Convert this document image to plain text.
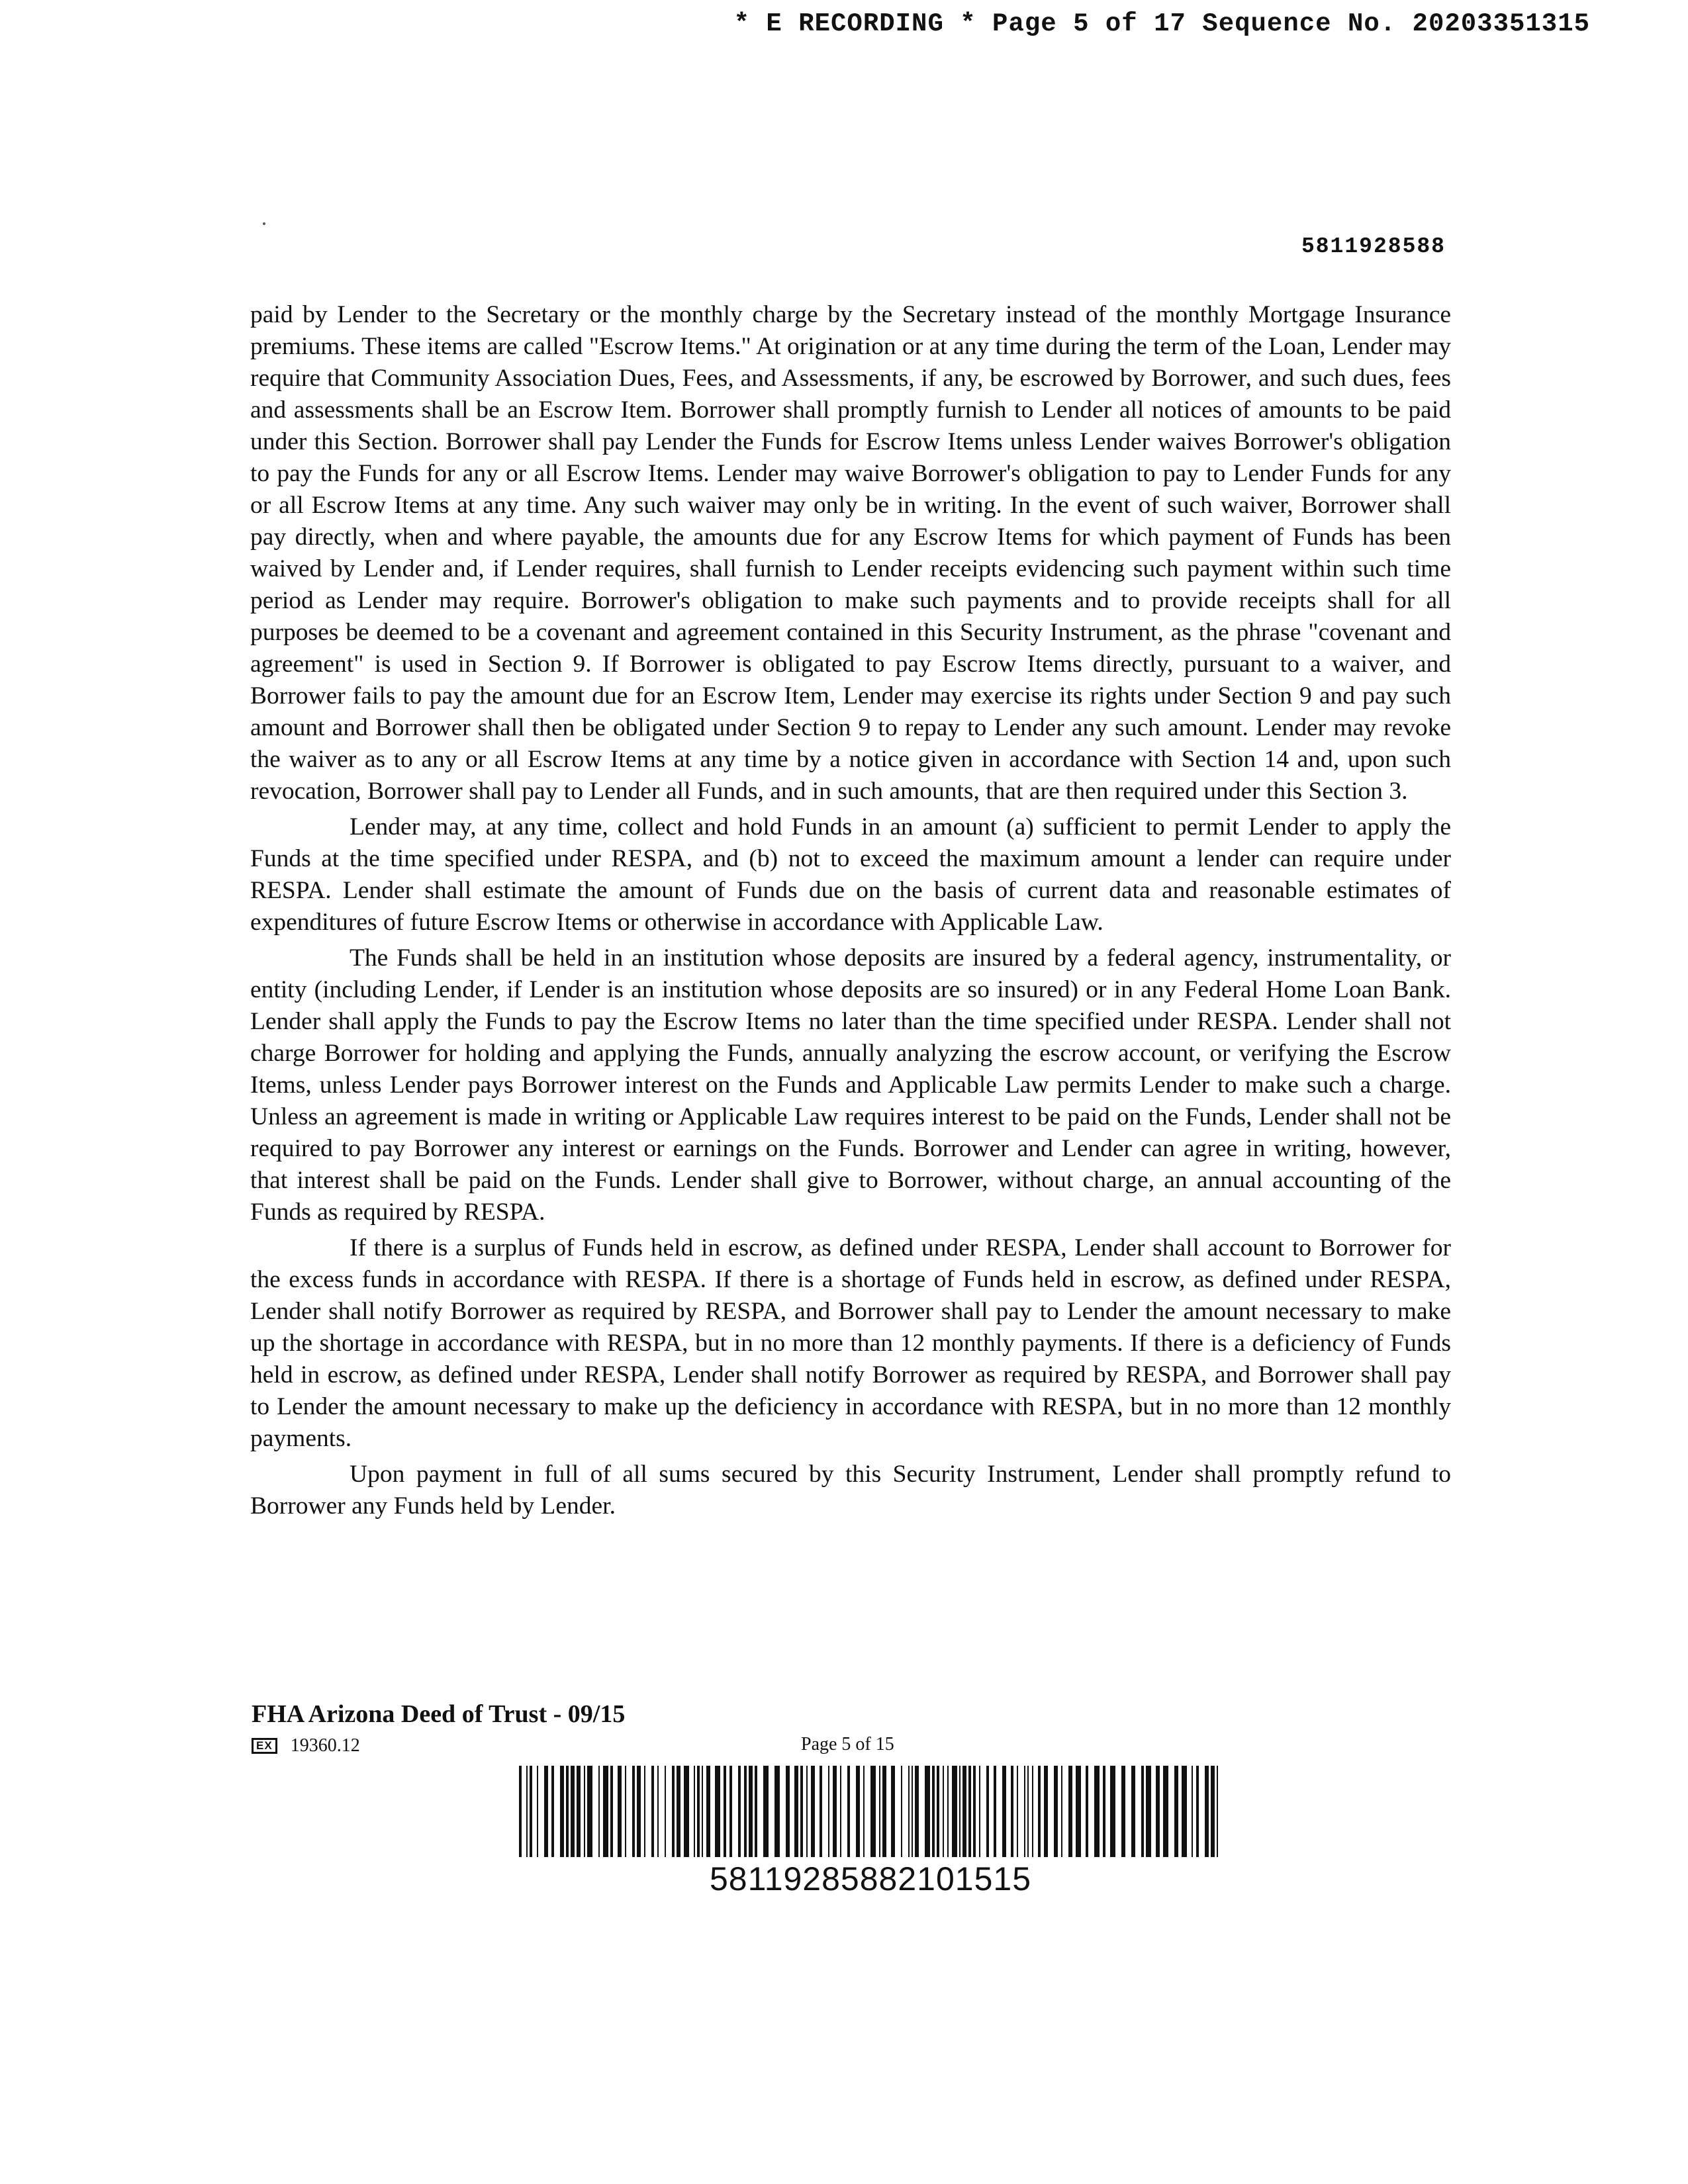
* E RECORDING * Page 5 of 17 Sequence No. 20203351315
5811928588

paid by Lender to the Secretary or the monthly charge by the Secretary instead of the monthly Mortgage Insurance premiums. These items are called "Escrow Items." At origination or at any time during the term of the Loan, Lender may require that Community Association Dues, Fees, and Assessments, if any, be escrowed by Borrower, and such dues, fees and assessments shall be an Escrow Item. Borrower shall promptly furnish to Lender all notices of amounts to be paid under this Section. Borrower shall pay Lender the Funds for Escrow Items unless Lender waives Borrower's obligation to pay the Funds for any or all Escrow Items. Lender may waive Borrower's obligation to pay to Lender Funds for any or all Escrow Items at any time. Any such waiver may only be in writing. In the event of such waiver, Borrower shall pay directly, when and where payable, the amounts due for any Escrow Items for which payment of Funds has been waived by Lender and, if Lender requires, shall furnish to Lender receipts evidencing such payment within such time period as Lender may require. Borrower's obligation to make such payments and to provide receipts shall for all purposes be deemed to be a covenant and agreement contained in this Security Instrument, as the phrase "covenant and agreement" is used in Section 9. If Borrower is obligated to pay Escrow Items directly, pursuant to a waiver, and Borrower fails to pay the amount due for an Escrow Item, Lender may exercise its rights under Section 9 and pay such amount and Borrower shall then be obligated under Section 9 to repay to Lender any such amount. Lender may revoke the waiver as to any or all Escrow Items at any time by a notice given in accordance with Section 14 and, upon such revocation, Borrower shall pay to Lender all Funds, and in such amounts, that are then required under this Section 3.

Lender may, at any time, collect and hold Funds in an amount (a) sufficient to permit Lender to apply the Funds at the time specified under RESPA, and (b) not to exceed the maximum amount a lender can require under RESPA. Lender shall estimate the amount of Funds due on the basis of current data and reasonable estimates of expenditures of future Escrow Items or otherwise in accordance with Applicable Law.

The Funds shall be held in an institution whose deposits are insured by a federal agency, instrumentality, or entity (including Lender, if Lender is an institution whose deposits are so insured) or in any Federal Home Loan Bank. Lender shall apply the Funds to pay the Escrow Items no later than the time specified under RESPA. Lender shall not charge Borrower for holding and applying the Funds, annually analyzing the escrow account, or verifying the Escrow Items, unless Lender pays Borrower interest on the Funds and Applicable Law permits Lender to make such a charge. Unless an agreement is made in writing or Applicable Law requires interest to be paid on the Funds, Lender shall not be required to pay Borrower any interest or earnings on the Funds. Borrower and Lender can agree in writing, however, that interest shall be paid on the Funds. Lender shall give to Borrower, without charge, an annual accounting of the Funds as required by RESPA.

If there is a surplus of Funds held in escrow, as defined under RESPA, Lender shall account to Borrower for the excess funds in accordance with RESPA. If there is a shortage of Funds held in escrow, as defined under RESPA, Lender shall notify Borrower as required by RESPA, and Borrower shall pay to Lender the amount necessary to make up the shortage in accordance with RESPA, but in no more than 12 monthly payments. If there is a deficiency of Funds held in escrow, as defined under RESPA, Lender shall notify Borrower as required by RESPA, and Borrower shall pay to Lender the amount necessary to make up the deficiency in accordance with RESPA, but in no more than 12 monthly payments.

Upon payment in full of all sums secured by this Security Instrument, Lender shall promptly refund to Borrower any Funds held by Lender.

FHA Arizona Deed of Trust - 09/15
EX 19360.12	Page 5 of 15
58119285882101515
